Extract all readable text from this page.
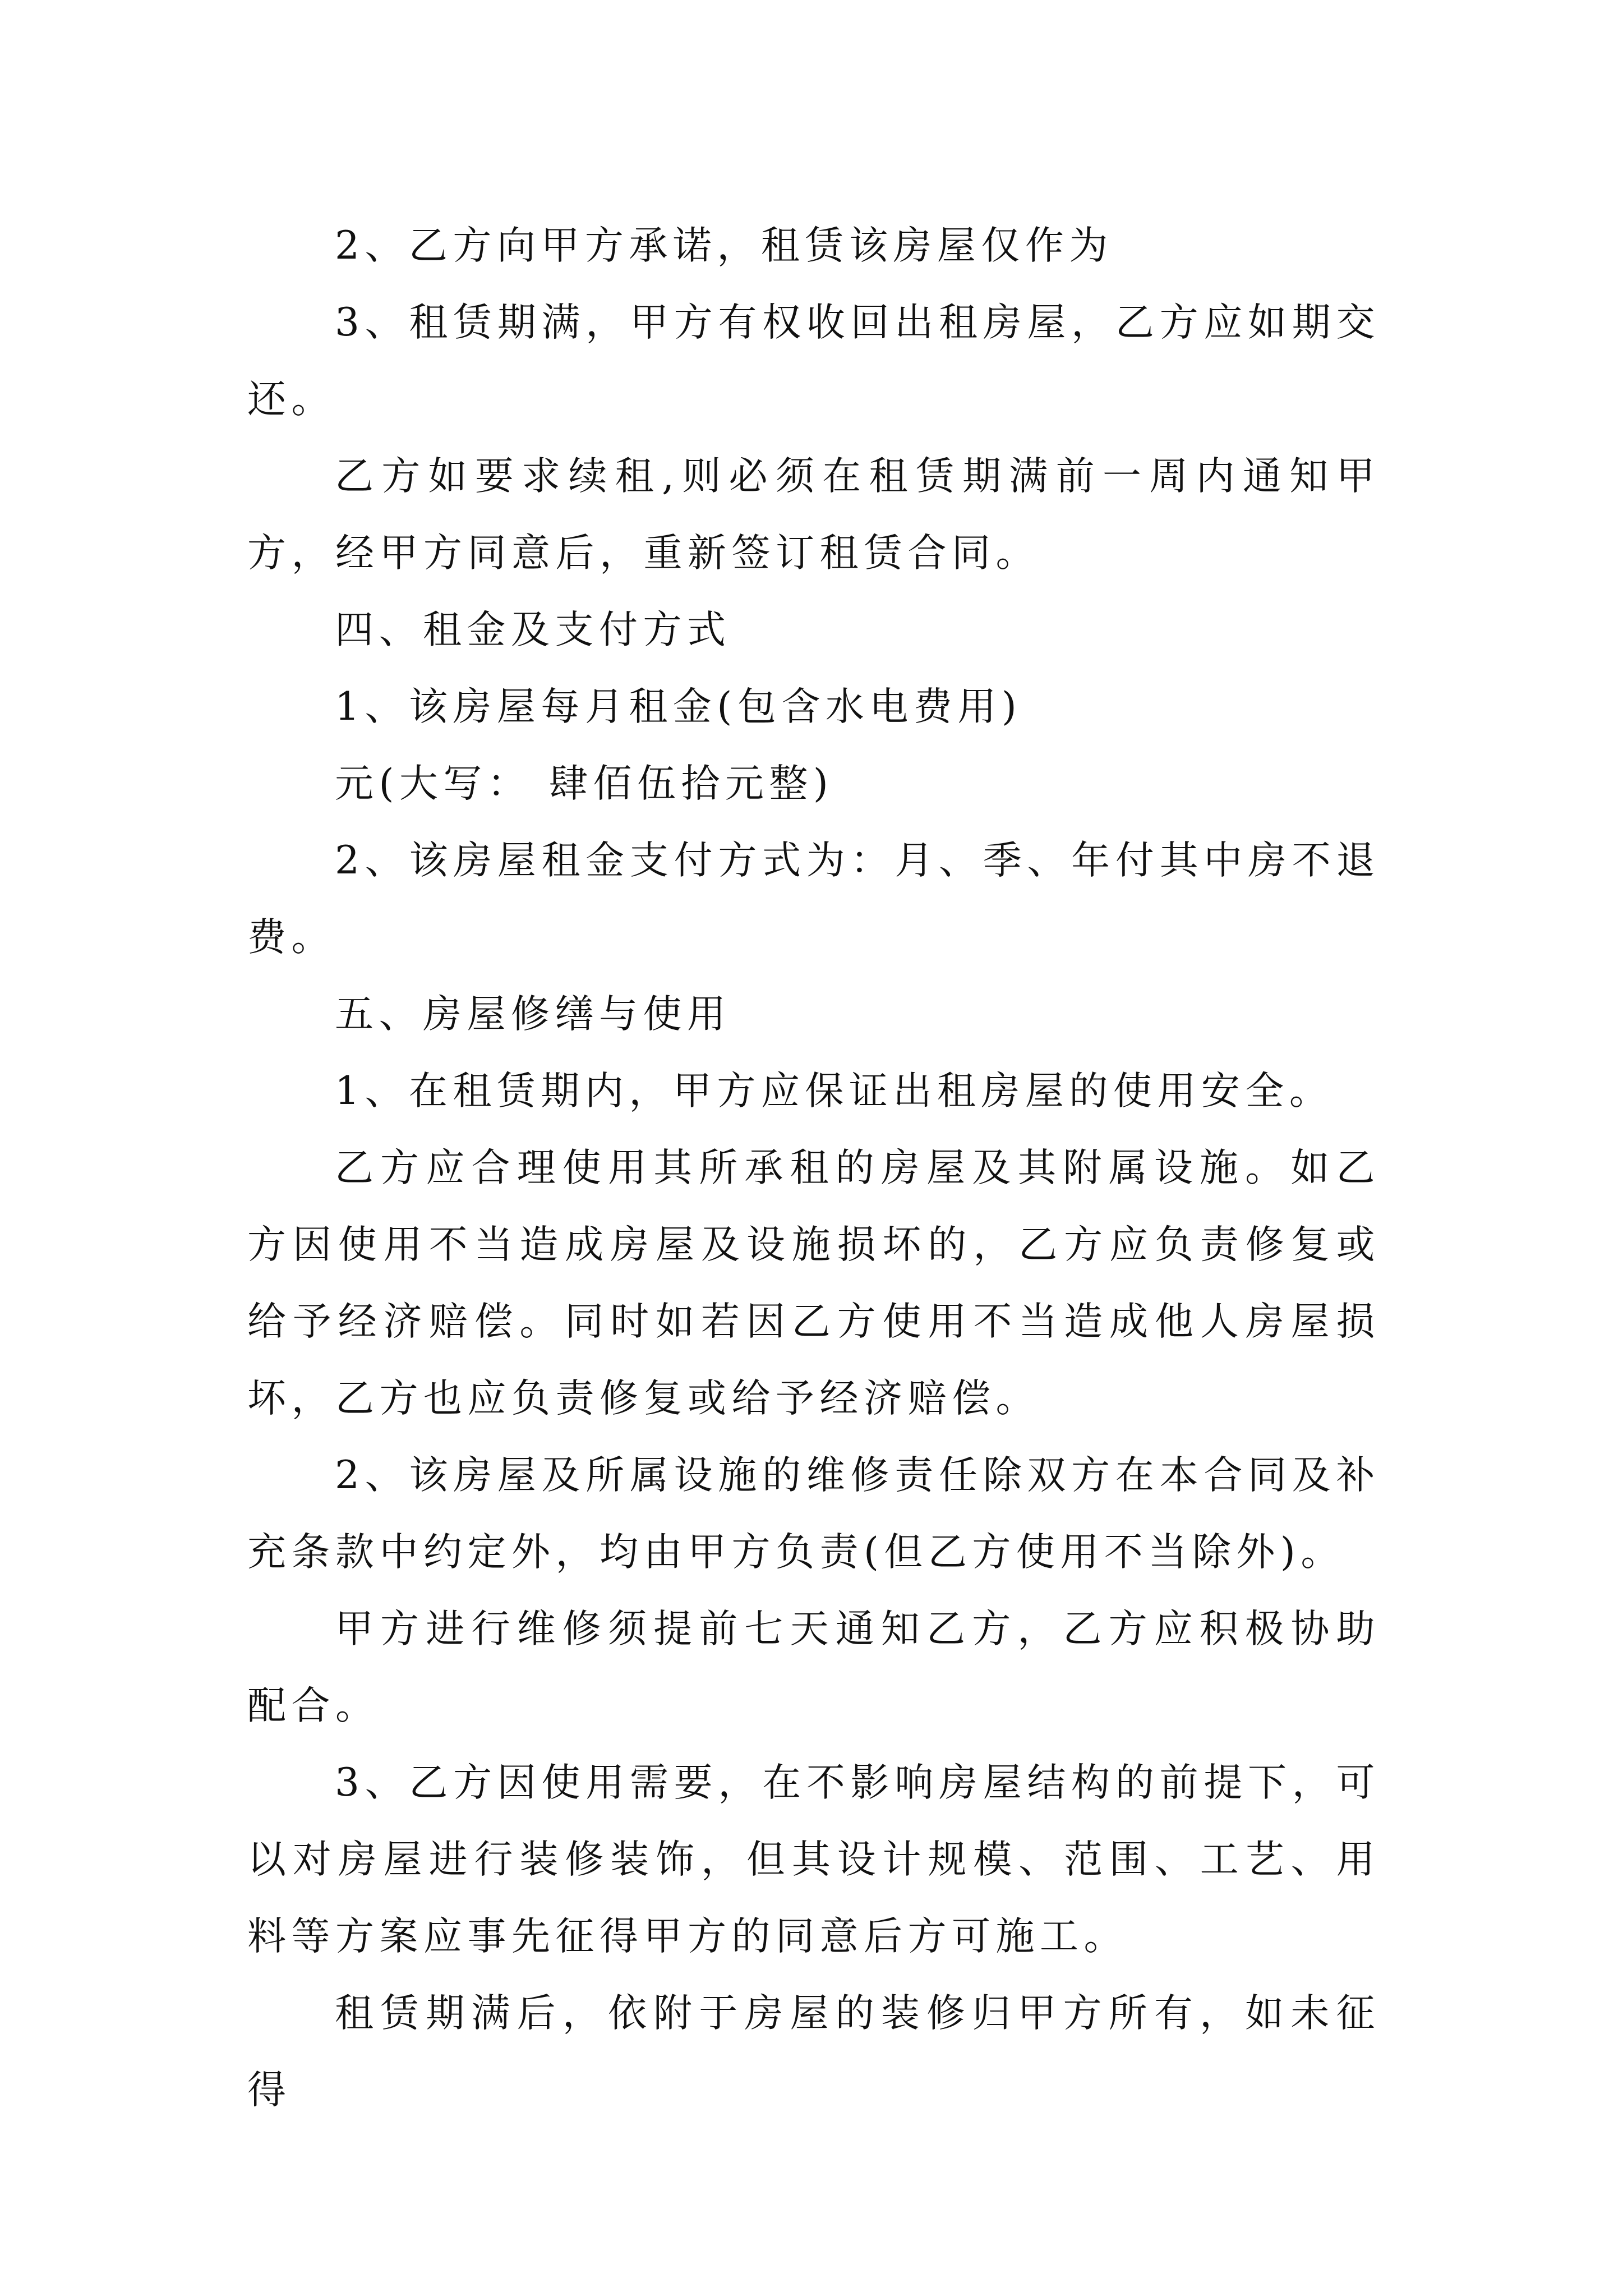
2、乙方向甲方承诺，租赁该房屋仅作为

3、租赁期满，甲方有权收回出租房屋，乙方应如期交还。

乙方如要求续租,则必须在租赁期满前一周内通知甲方，经甲方同意后，重新签订租赁合同。

四、租金及支付方式

1、该房屋每月租金(包含水电费用)

元(大写： 肆佰伍拾元整)

2、该房屋租金支付方式为：月、季、年付其中房不退费。

五、房屋修缮与使用

1、在租赁期内，甲方应保证出租房屋的使用安全。

乙方应合理使用其所承租的房屋及其附属设施。如乙方因使用不当造成房屋及设施损坏的，乙方应负责修复或给予经济赔偿。同时如若因乙方使用不当造成他人房屋损坏，乙方也应负责修复或给予经济赔偿。

2、该房屋及所属设施的维修责任除双方在本合同及补充条款中约定外，均由甲方负责(但乙方使用不当除外)。

甲方进行维修须提前七天通知乙方，乙方应积极协助配合。

3、乙方因使用需要，在不影响房屋结构的前提下，可以对房屋进行装修装饰，但其设计规模、范围、工艺、用料等方案应事先征得甲方的同意后方可施工。

租赁期满后，依附于房屋的装修归甲方所有，如未征得
